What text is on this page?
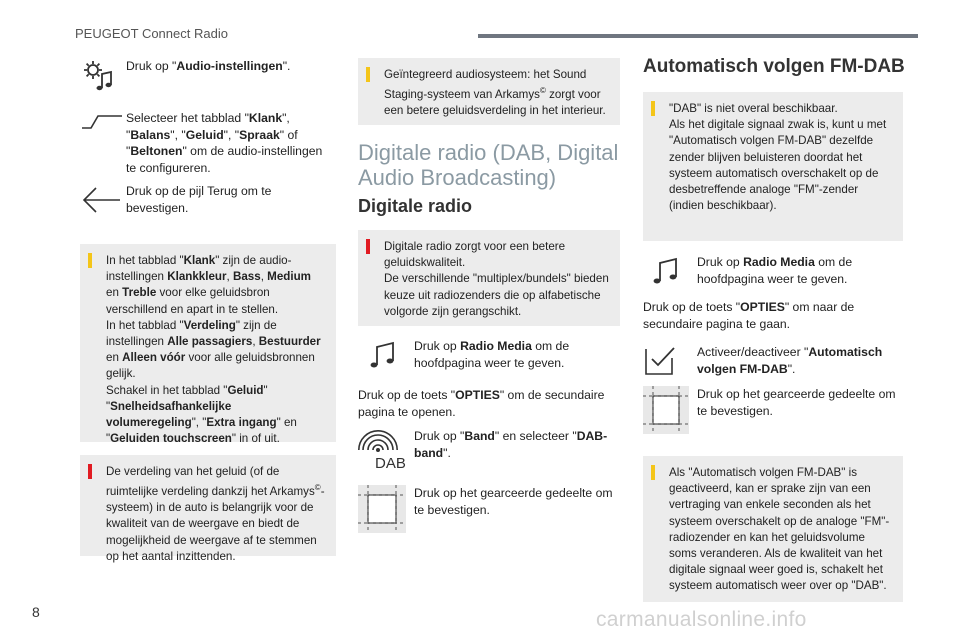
PEUGEOT Connect Radio
Druk op "Audio-instellingen".
Selecteer het tabblad "Klank", "Balans", "Geluid", "Spraak" of "Beltonen" om de audio-instellingen te configureren.
Druk op de pijl Terug om te bevestigen.
In het tabblad "Klank" zijn de audio-instellingen Klankkleur, Bass, Medium en Treble voor elke geluidsbron verschillend en apart in te stellen.
In het tabblad "Verdeling" zijn de instellingen Alle passagiers, Bestuurder en Alleen vóór voor alle geluidsbronnen gelijk.
Schakel in het tabblad "Geluid" "Snelheidsafhankelijke volumeregeling", "Extra ingang" en "Geluiden touchscreen" in of uit.
De verdeling van het geluid (of de ruimtelijke verdeling dankzij het Arkamys©-systeem) in de auto is belangrijk voor de kwaliteit van de weergave en biedt de mogelijkheid de weergave af te stemmen op het aantal inzittenden.
Geïntegreerd audiosysteem: het Sound Staging-systeem van Arkamys© zorgt voor een betere geluidsverdeling in het interieur.
Digitale radio (DAB, Digital Audio Broadcasting)
Digitale radio
Digitale radio zorgt voor een betere geluidskwaliteit.
De verschillende "multiplex/bundels" bieden keuze uit radiozenders die op alfabetische volgorde zijn gerangschikt.
Druk op Radio Media om de hoofdpagina weer te geven.
Druk op de toets "OPTIES" om de secundaire pagina te openen.
DAB
Druk op "Band" en selecteer "DAB-band".
Druk op het gearceerde gedeelte om te bevestigen.
Automatisch volgen FM-DAB
"DAB" is niet overal beschikbaar.
Als het digitale signaal zwak is, kunt u met "Automatisch volgen FM-DAB" dezelfde zender blijven beluisteren doordat het systeem automatisch overschakelt op de desbetreffende analoge "FM"-zender (indien beschikbaar).
Druk op Radio Media om de hoofdpagina weer te geven.
Druk op de toets "OPTIES" om naar de secundaire pagina te gaan.
Activeer/deactiveer "Automatisch volgen FM-DAB".
Druk op het gearceerde gedeelte om te bevestigen.
Als "Automatisch volgen FM-DAB" is geactiveerd, kan er sprake zijn van een vertraging van enkele seconden als het systeem overschakelt op de analoge "FM"-radiozender en kan het geluidsvolume soms veranderen. Als de kwaliteit van het digitale signaal weer goed is, schakelt het systeem automatisch weer over op "DAB".
8	carmanualsonline.info
